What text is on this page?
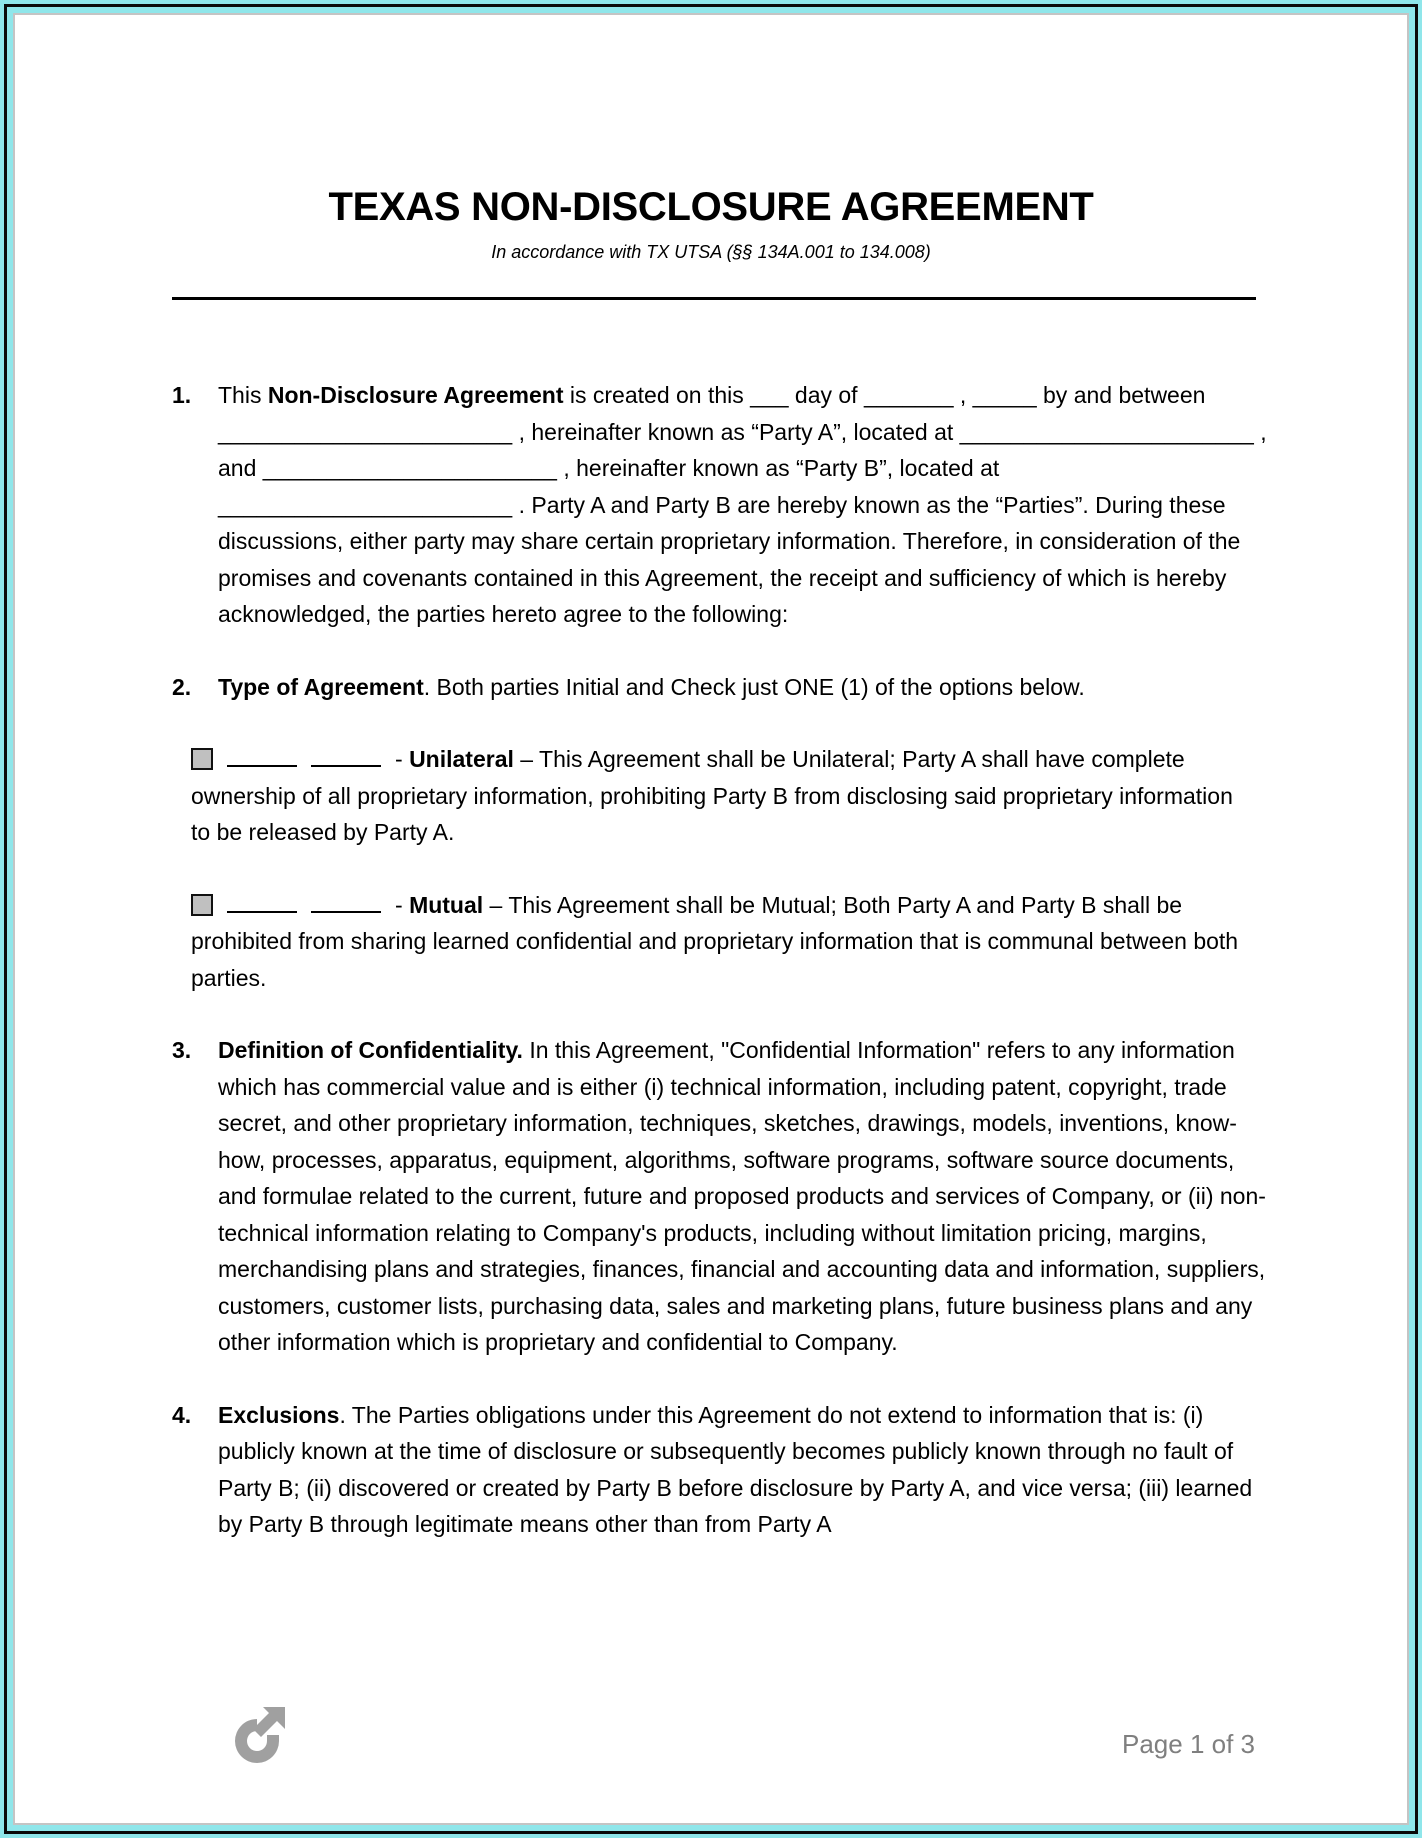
TEXAS NON-DISCLOSURE AGREEMENT
In accordance with TX UTSA (§§ 134A.001 to 134.008)
1.	This Non-Disclosure Agreement is created on this ___ day of _______ , _____ by and between _______________________ , hereinafter known as “Party A”, located at _______________________ , and _______________________ , hereinafter known as “Party B”, located at _______________________ . Party A and Party B are hereby known as the “Parties”. During these discussions, either party may share certain proprietary information. Therefore, in consideration of the promises and covenants contained in this Agreement, the receipt and sufficiency of which is hereby acknowledged, the parties hereto agree to the following:
2.	Type of Agreement. Both parties Initial and Check just ONE (1) of the options below.
- Unilateral – This Agreement shall be Unilateral; Party A shall have complete ownership of all proprietary information, prohibiting Party B from disclosing said proprietary information to be released by Party A.
- Mutual – This Agreement shall be Mutual; Both Party A and Party B shall be prohibited from sharing learned confidential and proprietary information that is communal between both parties.
3.	Definition of Confidentiality. In this Agreement, "Confidential Information" refers to any information which has commercial value and is either (i) technical information, including patent, copyright, trade secret, and other proprietary information, techniques, sketches, drawings, models, inventions, know-how, processes, apparatus, equipment, algorithms, software programs, software source documents, and formulae related to the current, future and proposed products and services of Company, or (ii) non-technical information relating to Company's products, including without limitation pricing, margins, merchandising plans and strategies, finances, financial and accounting data and information, suppliers, customers, customer lists, purchasing data, sales and marketing plans, future business plans and any other information which is proprietary and confidential to Company.
4.	Exclusions. The Parties obligations under this Agreement do not extend to information that is: (i) publicly known at the time of disclosure or subsequently becomes publicly known through no fault of Party B; (ii) discovered or created by Party B before disclosure by Party A, and vice versa; (iii) learned by Party B through legitimate means other than from Party A
Page 1 of 3
